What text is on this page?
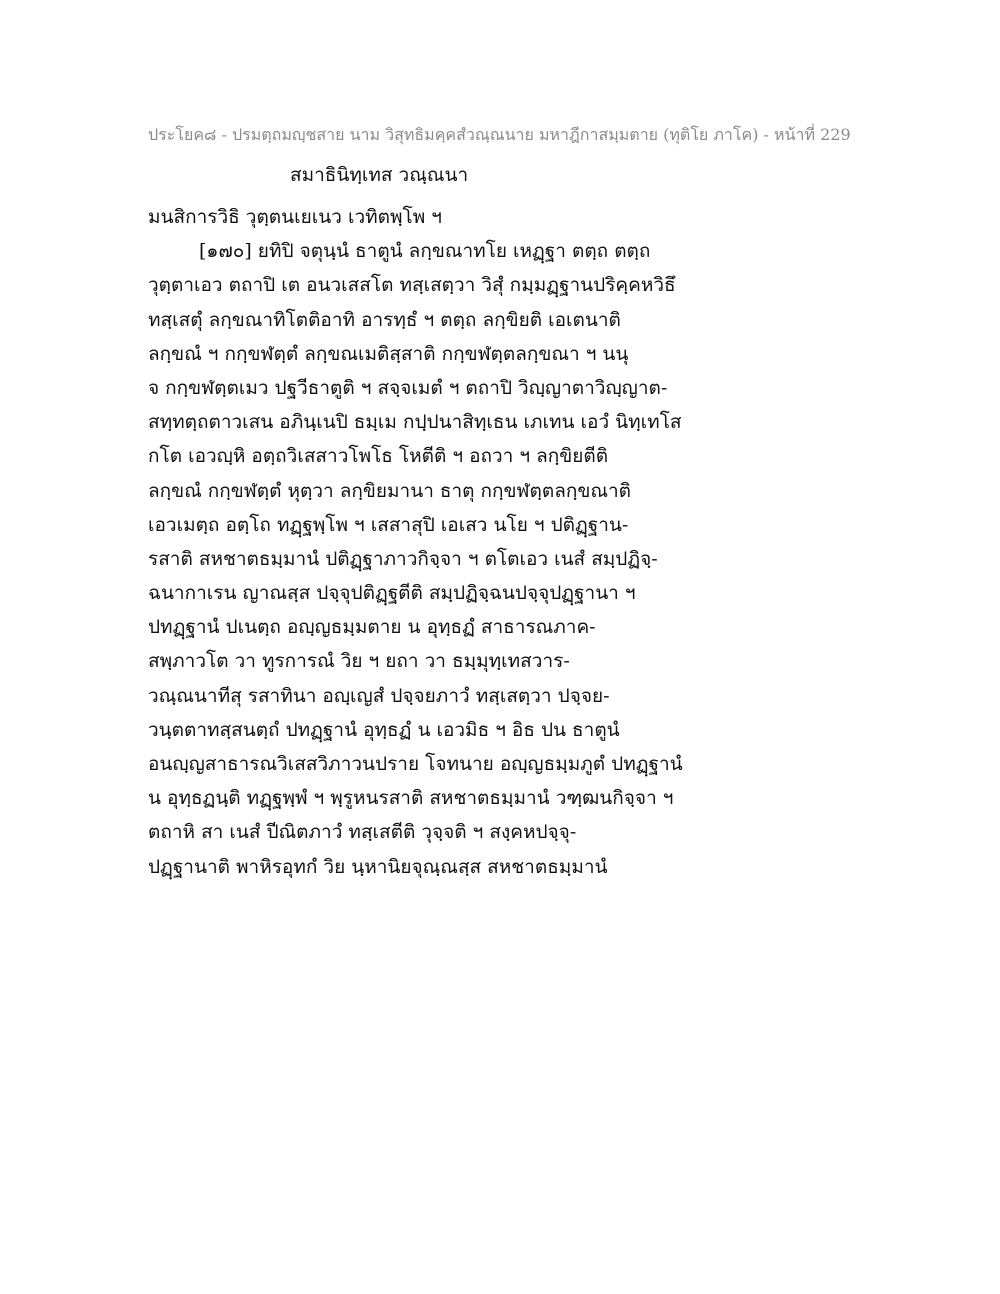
ประโยค๘ - ปรมตฺถมญฺชสาย นาม วิสุทธิมคฺคสํวณฺณนาย มหาฎีกาสมฺมตาย (ทุติโย ภาโค) - หน้าที่ 229
สมาธินิทฺเทส วณฺณนา
มนสิการวิธิ วุตฺตนเยเนว เวทิตพฺโพ ฯ
[๑๗๐] ยทิปิ จตุนฺนํ ธาตูนํ ลกฺขณาทโย เหฏฺฐา ตตฺถ ตตฺถ
วุตฺตาเอว ตถาปิ เต อนวเสสโต ทสฺเสตฺวา วิสุํ กมฺมฏฺฐานปริคฺคหวิธึ
ทสฺเสตุํ ลกฺขณาทิโตติอาทิ อารทฺธํ ฯ ตตฺถ ลกฺขิยติ เอเตนาติ
ลกฺขณํ ฯ กกฺขฬตฺตํ ลกฺขณเมติสฺสาติ กกฺขฬตฺตลกฺขณา ฯ นนุ
จ กกฺขฬตฺตเมว ปฐวีธาตูติ ฯ สจฺจเมตํ ฯ ตถาปิ วิญฺญาตาวิญฺญาต-
สทฺทตฺถตาวเสน อภินฺเนปิ ธมฺเม กปฺปนาสิทฺเธน เภเทน เอวํ นิทฺเทโส
กโต เอวญฺหิ อตฺถวิเสสาวโพโธ โหตีติ ฯ อถวา ฯ ลกฺขิยตีติ
ลกฺขณํ กกฺขฬตฺตํ หุตฺวา ลกฺขิยมานา ธาตุ กกฺขฬตฺตลกฺขณาติ
เอวเมตฺถ อตฺโถ ทฏฺฐพฺโพ ฯ เสสาสุปิ เอเสว นโย ฯ ปติฏฺฐาน-
รสาติ สหชาตธมฺมานํ ปติฏฺฐาภาวกิจฺจา ฯ ตโตเอว เนสํ สมฺปฏิจฺ-
ฉนากาเรน ญาณสฺส ปจฺจุปติฏฺฐตีติ สมฺปฏิจฺฉนปจฺจุปฏฺฐานา ฯ
ปทฏฺฐานํ ปเนตฺถ อญฺญธมฺมตาย น อุทฺธฏํ สาธารณภาค-
สพฺภาวโต วา ทูรการณํ วิย ฯ ยถา วา ธมฺมุทฺเทสวาร-
วณฺณนาทีสุ รสาทินา อญฺเญสํ ปจฺจยภาวํ ทสฺเสตฺวา ปจฺจย-
วนฺตตาทสฺสนตฺถํ ปทฏฺฐานํ อุทฺธฏํ น เอวมิธ ฯ อิธ ปน ธาตูนํ
อนญฺญสาธารณวิเสสวิภาวนปราย โจทนาย อญฺญธมฺมภูตํ ปทฏฺฐานํ
น อุทฺธฏนฺติ ทฏฺฐพฺพํ ฯ พฺรูหนรสาติ สหชาตธมฺมานํ วฑฺฒนกิจฺจา ฯ
ตถาหิ สา เนสํ ปีณิตภาวํ ทสฺเสตีติ วุจฺจติ ฯ สงฺคหปจฺจุ-
ปฏฺฐานาติ พาหิรอุทกํ วิย นฺหานิยจุณฺณสฺส สหชาตธมฺมานํ
